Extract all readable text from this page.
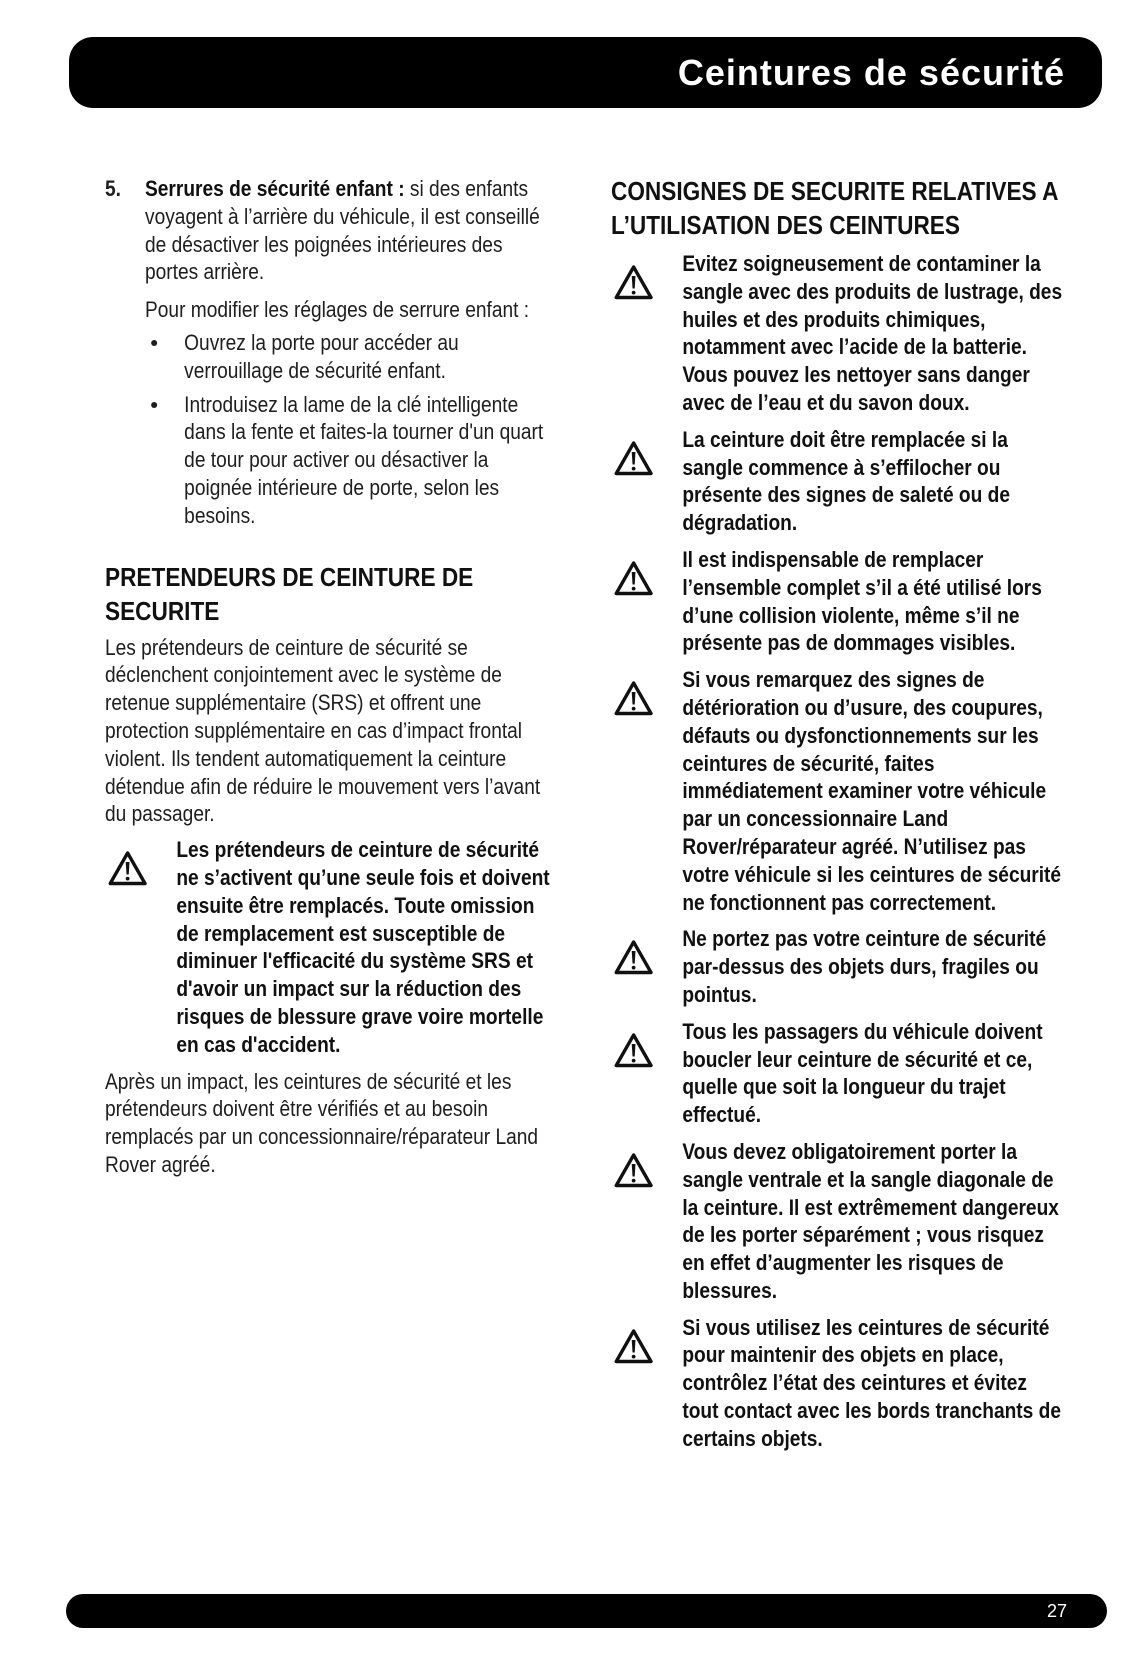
Ceintures de sécurité

5. Serrures de sécurité enfant : si des enfants voyagent à l’arrière du véhicule, il est conseillé de désactiver les poignées intérieures des portes arrière.

Pour modifier les réglages de serrure enfant :

Ouvrez la porte pour accéder au verrouillage de sécurité enfant.
Introduisez la lame de la clé intelligente dans la fente et faites-la tourner d'un quart de tour pour activer ou désactiver la poignée intérieure de porte, selon les besoins.
PRETENDEURS DE CEINTURE DE SECURITE

Les prétendeurs de ceinture de sécurité se déclenchent conjointement avec le système de retenue supplémentaire (SRS) et offrent une protection supplémentaire en cas d’impact frontal violent. Ils tendent automatiquement la ceinture détendue afin de réduire le mouvement vers l’avant du passager.

Les prétendeurs de ceinture de sécurité ne s’activent qu’une seule fois et doivent ensuite être remplacés. Toute omission de remplacement est susceptible de diminuer l'efficacité du système SRS et d'avoir un impact sur la réduction des risques de blessure grave voire mortelle en cas d'accident.

Après un impact, les ceintures de sécurité et les prétendeurs doivent être vérifiés et au besoin remplacés par un concessionnaire/réparateur Land Rover agréé.

CONSIGNES DE SECURITE RELATIVES A L’UTILISATION DES CEINTURES
Evitez soigneusement de contaminer la sangle avec des produits de lustrage, des huiles et des produits chimiques, notamment avec l’acide de la batterie. Vous pouvez les nettoyer sans danger avec de l’eau et du savon doux.
La ceinture doit être remplacée si la sangle commence à s’effilocher ou présente des signes de saleté ou de dégradation.
Il est indispensable de remplacer l’ensemble complet s’il a été utilisé lors d’une collision violente, même s’il ne présente pas de dommages visibles.
Si vous remarquez des signes de détérioration ou d’usure, des coupures, défauts ou dysfonctionnements sur les ceintures de sécurité, faites immédiatement examiner votre véhicule par un concessionnaire Land Rover/réparateur agréé. N’utilisez pas votre véhicule si les ceintures de sécurité ne fonctionnent pas correctement.
Ne portez pas votre ceinture de sécurité par-dessus des objets durs, fragiles ou pointus.
Tous les passagers du véhicule doivent boucler leur ceinture de sécurité et ce, quelle que soit la longueur du trajet effectué.
Vous devez obligatoirement porter la sangle ventrale et la sangle diagonale de la ceinture. Il est extrêmement dangereux de les porter séparément ; vous risquez en effet d’augmenter les risques de blessures.
Si vous utilisez les ceintures de sécurité pour maintenir des objets en place, contrôlez l’état des ceintures et évitez tout contact avec les bords tranchants de certains objets.
27
